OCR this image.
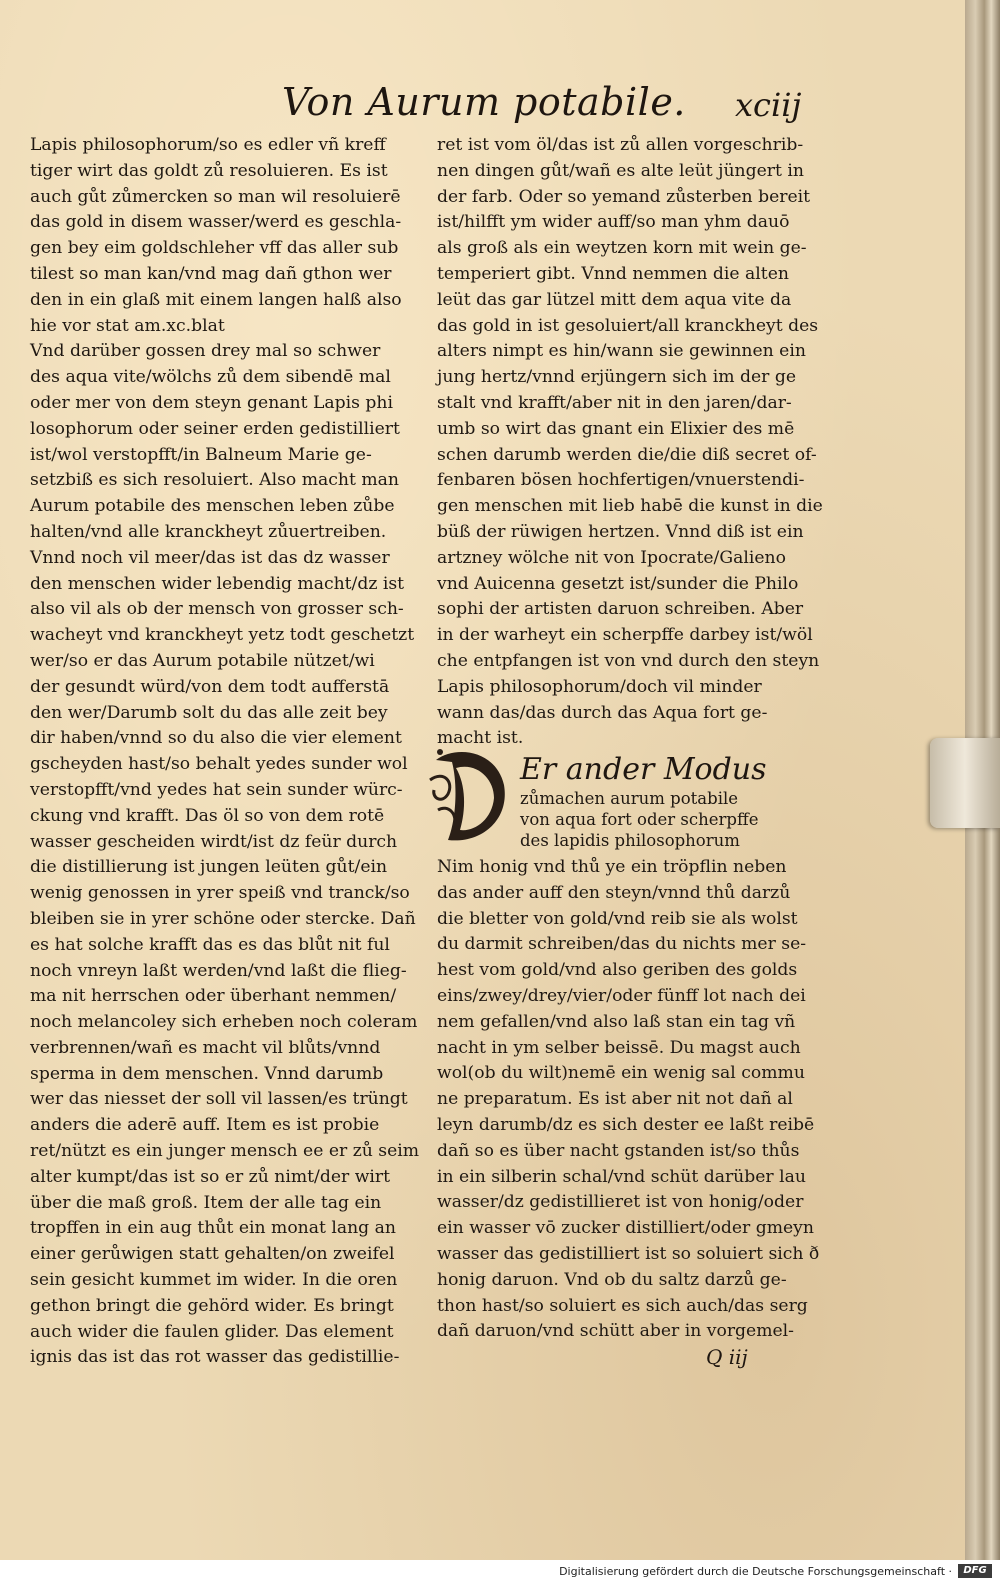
Von Aurum potabile. xciij
Lapis philosophorum/so es edler vñ kreff
tiger wirt das goldt zů resoluieren. Es ist
auch gůt zůmercken so man wil resoluierē
das gold in disem wasser/werd es geschla-
gen bey eim goldschleher vff das aller sub
tilest so man kan/vnd mag dañ gthon wer
den in ein glaß mit einem langen halß also
hie vor stat am.xc.blat
Vnd darüber gossen drey mal so schwer
des aqua vite/wölchs zů dem sibendē mal
oder mer von dem steyn genant Lapis phi
losophorum oder seiner erden gedistilliert
ist/wol verstopfft/in Balneum Marie ge-
setzbiß es sich resoluiert. Also macht man
Aurum potabile des menschen leben zůbe
halten/vnd alle kranckheyt zůuertreiben.
Vnnd noch vil meer/das ist das dz wasser
den menschen wider lebendig macht/dz ist
also vil als ob der mensch von grosser sch-
wacheyt vnd kranckheyt yetz todt geschetzt
wer/so er das Aurum potabile nützet/wi
der gesundt würd/von dem todt aufferstā
den wer/Darumb solt du das alle zeit bey
dir haben/vnnd so du also die vier element
gscheyden hast/so behalt yedes sunder wol
verstopfft/vnd yedes hat sein sunder würc-
ckung vnd krafft. Das öl so von dem rotē
wasser gescheiden wirdt/ist dz feür durch
die distillierung ist jungen leüten gůt/ein
wenig genossen in yrer speiß vnd tranck/so
bleiben sie in yrer schöne oder stercke. Dañ
es hat solche krafft das es das blůt nit ful
noch vnreyn laßt werden/vnd laßt die flieg-
ma nit herrschen oder überhant nemmen/
noch melancoley sich erheben noch coleram
verbrennen/wañ es macht vil blůts/vnnd
sperma in dem menschen. Vnnd darumb
wer das niesset der soll vil lassen/es trüngt
anders die aderē auff. Item es ist probie
ret/nützt es ein junger mensch ee er zů seim
alter kumpt/das ist so er zů nimt/der wirt
über die maß groß. Item der alle tag ein
tropffen in ein aug thůt ein monat lang an
einer gerůwigen statt gehalten/on zweifel
sein gesicht kummet im wider. In die oren
gethon bringt die gehörd wider. Es bringt
auch wider die faulen glider. Das element
ignis das ist das rot wasser das gedistillie-
ret ist vom öl/das ist zů allen vorgeschrib-
nen dingen gůt/wañ es alte leüt jüngert in
der farb. Oder so yemand zůsterben bereit
ist/hilfft ym wider auff/so man yhm dauō
als groß als ein weytzen korn mit wein ge-
temperiert gibt. Vnnd nemmen die alten
leüt das gar lützel mitt dem aqua vite da
das gold in ist gesoluiert/all kranckheyt des
alters nimpt es hin/wann sie gewinnen ein
jung hertz/vnnd erjüngern sich im der ge
stalt vnd krafft/aber nit in den jaren/dar-
umb so wirt das gnant ein Elixier des mē
schen darumb werden die/die diß secret of-
fenbaren bösen hochfertigen/vnuerstendi-
gen menschen mit lieb habē die kunst in die
büß der rüwigen hertzen. Vnnd diß ist ein
artzney wölche nit von Ipocrate/Galieno
vnd Auicenna gesetzt ist/sunder die Philo
sophi der artisten daruon schreiben. Aber
in der warheyt ein scherpffe darbey ist/wöl
che entpfangen ist von vnd durch den steyn
Lapis philosophorum/doch vil minder
wann das/das durch das Aqua fort ge-
macht ist.
Er ander Modus
zůmachen aurum potabile
von aqua fort oder scherpffe
des lapidis philosophorum
Nim honig vnd thů ye ein tröpflin neben
das ander auff den steyn/vnnd thů darzů
die bletter von gold/vnd reib sie als wolst
du darmit schreiben/das du nichts mer se-
hest vom gold/vnd also geriben des golds
eins/zwey/drey/vier/oder fünff lot nach dei
nem gefallen/vnd also laß stan ein tag vñ
nacht in ym selber beissē. Du magst auch
wol(ob du wilt)nemē ein wenig sal commu
ne preparatum. Es ist aber nit not dañ al
leyn darumb/dz es sich dester ee laßt reibē
dañ so es über nacht gstanden ist/so thůs
in ein silberin schal/vnd schüt darüber lau
wasser/dz gedistillieret ist von honig/oder
ein wasser vō zucker distilliert/oder gmeyn
wasser das gedistilliert ist so soluiert sich ð
honig daruon. Vnd ob du saltz darzů ge-
thon hast/so soluiert es sich auch/das serg
dañ daruon/vnd schütt aber in vorgemel-
Q iij
Digitalisierung gefördert durch die Deutsche Forschungsgemeinschaft ·	DFG
